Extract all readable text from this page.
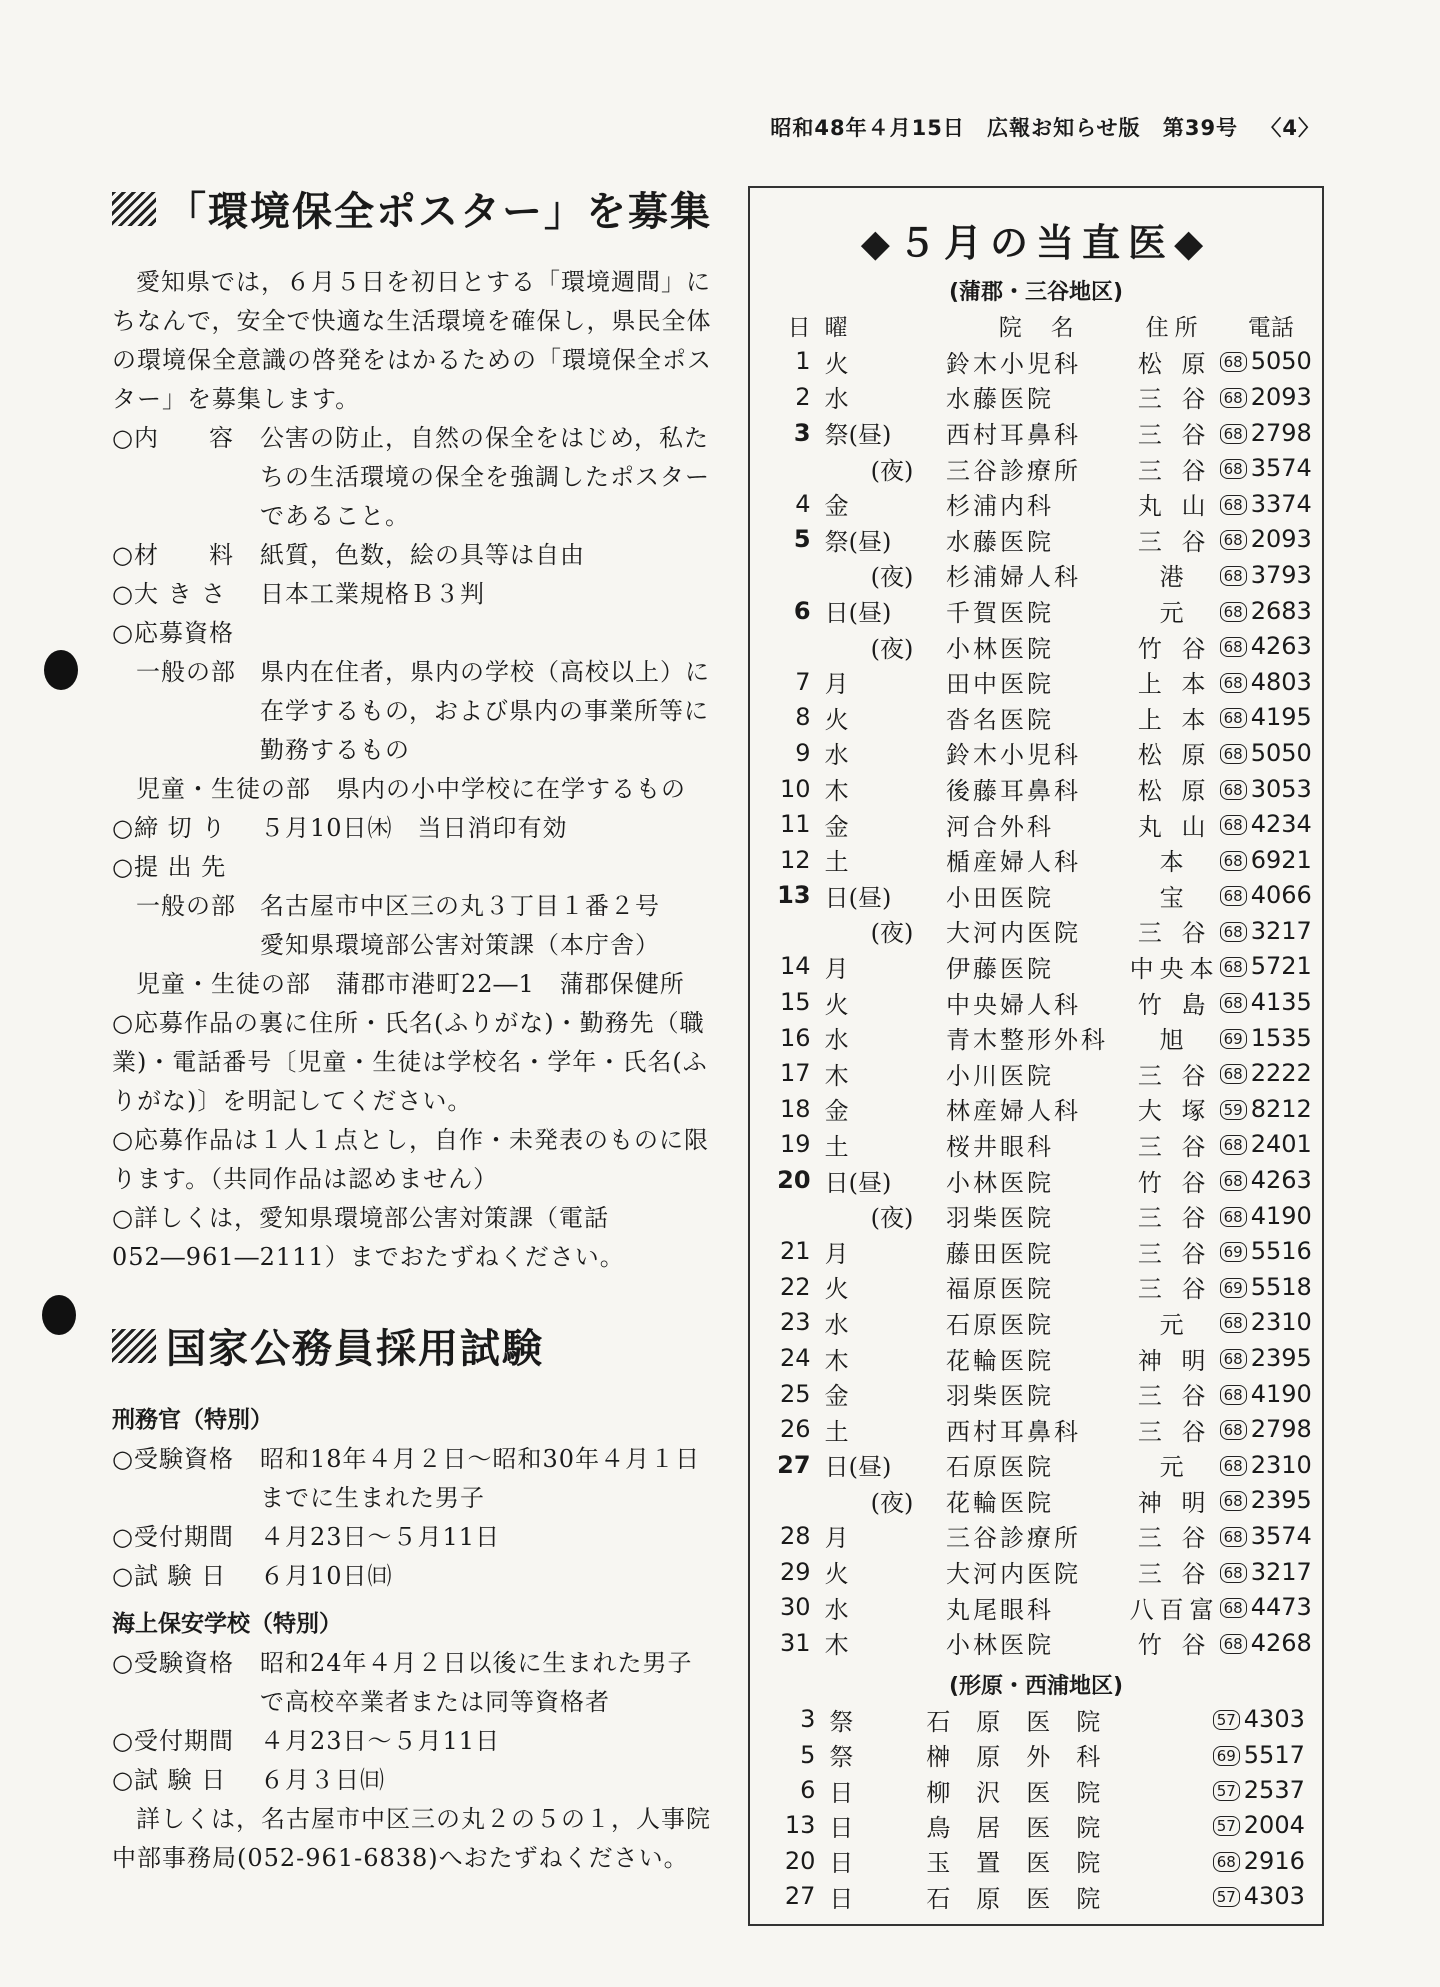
昭和48年４月15日 広報お知らせ版 第39号 〈4〉
「環境保全ポスター」を募集

愛知県では，６月５日を初日とする「環境週間」にちなんで，安全で快適な生活環境を確保し，県民全体の環境保全意識の啓発をはかるための「環境保全ポスター」を募集します。

○内　　容	公害の防止，自然の保全をはじめ，私たちの生活環境の保全を強調したポスターであること。
○材　　料	紙質，色数，絵の具等は自由
○大 き さ	日本工業規格Ｂ３判
○応募資格
一般の部	県内在住者，県内の学校（高校以上）に在学するもの，および県内の事業所等に勤務するもの
児童・生徒の部　県内の小中学校に在学するもの
○締 切 り	５月10日㈭　当日消印有効
○提 出 先
一般の部	名古屋市中区三の丸３丁目１番２号
愛知県環境部公害対策課（本庁舎）
児童・生徒の部　蒲郡市港町22―1　蒲郡保健所

○応募作品の裏に住所・氏名(ふりがな)・勤務先（職業)・電話番号〔児童・生徒は学校名・学年・氏名(ふりがな)〕を明記してください。

○応募作品は１人１点とし，自作・未発表のものに限ります。（共同作品は認めません）

○詳しくは，愛知県環境部公害対策課（電話052―961―2111）までおたずねください。

国家公務員採用試験
刑務官（特別）
○受験資格	昭和18年４月２日～昭和30年４月１日までに生まれた男子
○受付期間	４月23日～５月11日
○試 験 日	６月10日㈰
海上保安学校（特別）
○受験資格	昭和24年４月２日以後に生まれた男子で高校卒業者または同等資格者
○受付期間	４月23日～５月11日
○試 験 日	６月３日㈰

詳しくは，名古屋市中区三の丸２の５の１，人事院中部事務局(052-961-6838)へおたずねください。

◆５月の当直医◆
(蒲郡・三谷地区)
日	曜	院　名	住所	電話
1	火	鈴木小児科	松 原	68 5050
2	水	水藤医院	三 谷	68 2093
3	祭(昼)	西村耳鼻科	三 谷	68 2798
	(夜)	三谷診療所	三 谷	68 3574
4	金	杉浦内科	丸 山	68 3374
5	祭(昼)	水藤医院	三 谷	68 2093
	(夜)	杉浦婦人科	港	68 3793
6	日(昼)	千賀医院	元	68 2683
	(夜)	小林医院	竹 谷	68 4263
7	月	田中医院	上 本	68 4803
8	火	沓名医院	上 本	68 4195
9	水	鈴木小児科	松 原	68 5050
10	木	後藤耳鼻科	松 原	68 3053
11	金	河合外科	丸 山	68 4234
12	土	楯産婦人科	本	68 6921
13	日(昼)	小田医院	宝	68 4066
	(夜)	大河内医院	三 谷	68 3217
14	月	伊藤医院	中央本	68 5721
15	火	中央婦人科	竹 島	68 4135
16	水	青木整形外科	旭	69 1535
17	木	小川医院	三 谷	68 2222
18	金	林産婦人科	大 塚	59 8212
19	土	桜井眼科	三 谷	68 2401
20	日(昼)	小林医院	竹 谷	68 4263
	(夜)	羽柴医院	三 谷	68 4190
21	月	藤田医院	三 谷	69 5516
22	火	福原医院	三 谷	69 5518
23	水	石原医院	元	68 2310
24	木	花輪医院	神 明	68 2395
25	金	羽柴医院	三 谷	68 4190
26	土	西村耳鼻科	三 谷	68 2798
27	日(昼)	石原医院	元	68 2310
	(夜)	花輪医院	神 明	68 2395
28	月	三谷診療所	三 谷	68 3574
29	火	大河内医院	三 谷	68 3217
30	水	丸尾眼科	八百富	68 4473
31	木	小林医院	竹 谷	68 4268
(形原・西浦地区)
3	祭	石原医院	57 4303
5	祭	榊原外科	69 5517
6	日	柳沢医院	57 2537
13	日	鳥居医院	57 2004
20	日	玉置医院	68 2916
27	日	石原医院	57 4303
